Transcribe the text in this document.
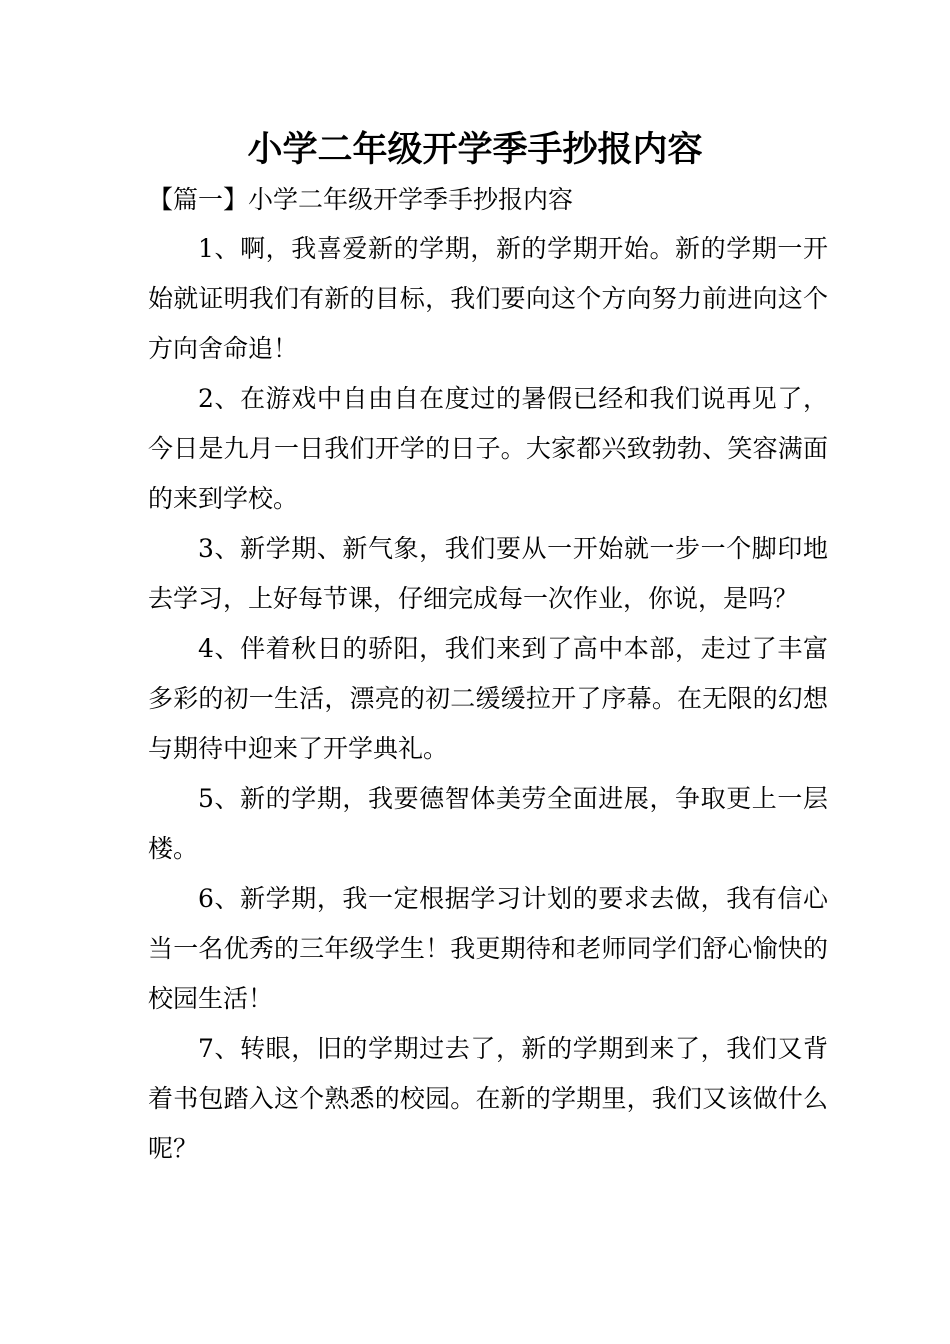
小学二年级开学季手抄报内容
【篇一】小学二年级开学季手抄报内容

1、啊，我喜爱新的学期，新的学期开始。新的学期一开始就证明我们有新的目标，我们要向这个方向努力前进向这个方向舍命追！

2、在游戏中自由自在度过的暑假已经和我们说再见了，今日是九月一日我们开学的日子。大家都兴致勃勃、笑容满面的来到学校。

3、新学期、新气象，我们要从一开始就一步一个脚印地去学习，上好每节课，仔细完成每一次作业，你说，是吗？

4、伴着秋日的骄阳，我们来到了高中本部，走过了丰富多彩的初一生活，漂亮的初二缓缓拉开了序幕。在无限的幻想与期待中迎来了开学典礼。

5、新的学期，我要德智体美劳全面进展，争取更上一层楼。

6、新学期，我一定根据学习计划的要求去做，我有信心当一名优秀的三年级学生！我更期待和老师同学们舒心愉快的校园生活！

7、转眼，旧的学期过去了，新的学期到来了，我们又背着书包踏入这个熟悉的校园。在新的学期里，我们又该做什么呢？
